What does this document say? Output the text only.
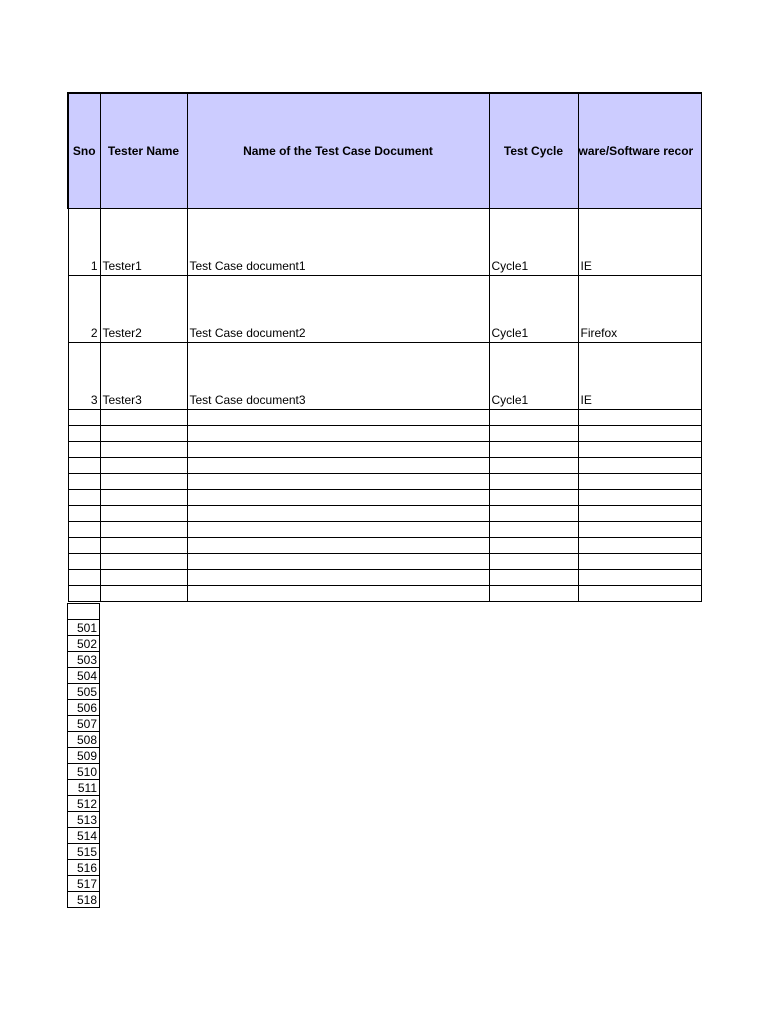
Sno	Tester Name	Name of the Test Case Document	Test Cycle	ware/Software recor
1	Tester1	Test Case document1	Cycle1	IE
2	Tester2	Test Case document2	Cycle1	Firefox
3	Tester3	Test Case document3	Cycle1	IE

501
502
503
504
505
506
507
508
509
510
511
512
513
514
515
516
517
518
